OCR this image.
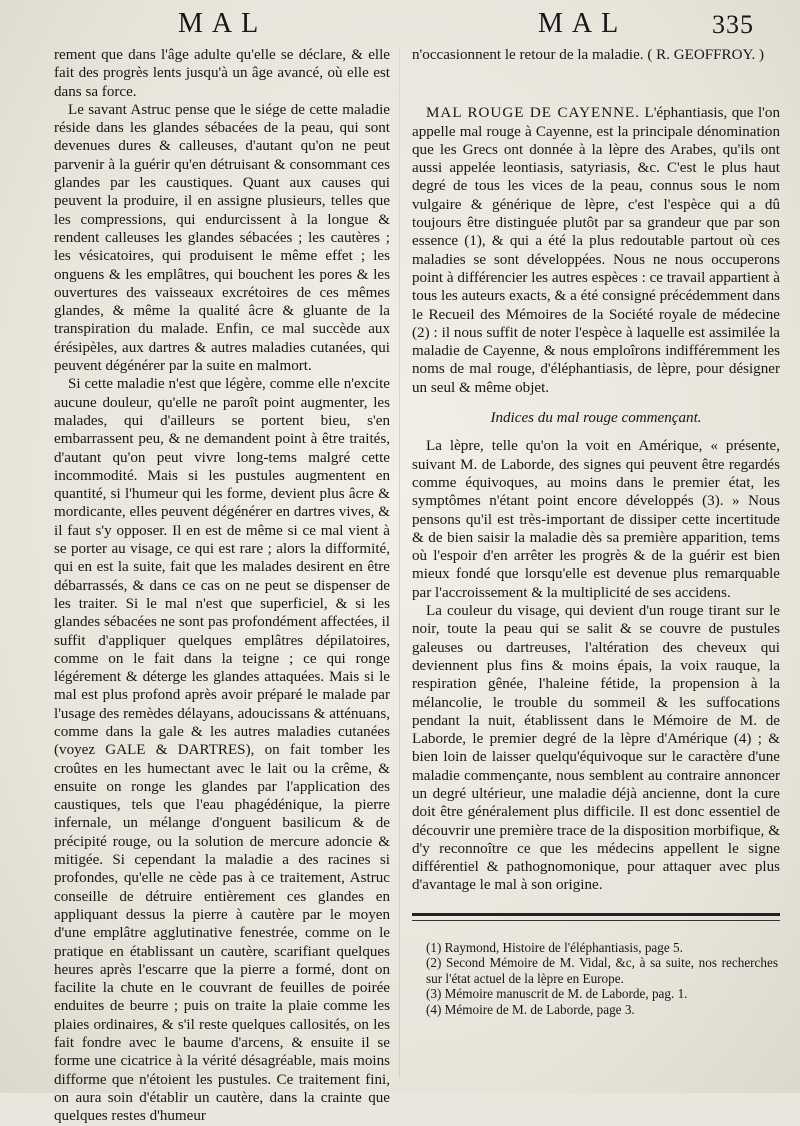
MAL	MAL	335

rement que dans l'âge adulte qu'elle se déclare, & elle fait des progrès lents jusqu'à un âge avancé, où elle est dans sa force.

Le savant Astruc pense que le siége de cette maladie réside dans les glandes sébacées de la peau, qui sont devenues dures & calleuses, d'autant qu'on ne peut parvenir à la guérir qu'en détruisant & consommant ces glandes par les caustiques. Quant aux causes qui peuvent la produire, il en assigne plusieurs, telles que les compressions, qui endurcissent à la longue & rendent calleuses les glandes sébacées ; les cautères ; les vésicatoires, qui produisent le même effet ; les onguens & les emplâtres, qui bouchent les pores & les ouvertures des vaisseaux excrétoires de ces mêmes glandes, & même la qualité âcre & gluante de la transpiration du malade. Enfin, ce mal succède aux érésipèles, aux dartres & autres maladies cutanées, qui peuvent dégénérer par la suite en malmort.

Si cette maladie n'est que légère, comme elle n'excite aucune douleur, qu'elle ne paroît point augmenter, les malades, qui d'ailleurs se portent bieu, s'en embarrassent peu, & ne demandent point à être traités, d'autant qu'on peut vivre long-tems malgré cette incommodité. Mais si les pustules augmentent en quantité, si l'humeur qui les forme, devient plus âcre & mordicante, elles peuvent dégénérer en dartres vives, & il faut s'y opposer. Il en est de même si ce mal vient à se porter au visage, ce qui est rare ; alors la difformité, qui en est la suite, fait que les malades desirent en être débarrassés, & dans ce cas on ne peut se dispenser de les traiter. Si le mal n'est que superficiel, & si les glandes sébacées ne sont pas profondément affectées, il suffit d'appliquer quelques emplâtres dépilatoires, comme on le fait dans la teigne ; ce qui ronge légérement & déterge les glandes attaquées. Mais si le mal est plus profond après avoir préparé le malade par l'usage des remèdes délayans, adoucissans & atténuans, comme dans la gale & les autres maladies cutanées (voyez GALE & DARTRES), on fait tomber les croûtes en les humectant avec le lait ou la crême, & ensuite on ronge les glandes par l'application des caustiques, tels que l'eau phagédénique, la pierre infernale, un mélange d'onguent basilicum & de précipité rouge, ou la solution de mercure adoncie & mitigée. Si cependant la maladie a des racines si profondes, qu'elle ne cède pas à ce traitement, Astruc conseille de détruire entièrement ces glandes en appliquant dessus la pierre à cautère par le moyen d'une emplâtre agglutinative fenestrée, comme on le pratique en établissant un cautère, scarifiant quelques heures après l'escarre que la pierre a formé, dont on facilite la chute en le couvrant de feuilles de poirée enduites de beurre ; puis on traite la plaie comme les plaies ordinaires, & s'il reste quelques callosités, on les fait fondre avec le baume d'arcens, & ensuite il se forme une cicatrice à la vérité désagréable, mais moins difforme que n'étoient les pustules. Ce traitement fini, on aura soin d'établir un cautère, dans la crainte que quelques restes d'humeur

n'occasionnent le retour de la maladie. ( R. GEOFFROY. )

MAL ROUGE DE CAYENNE. L'éphantiasis, que l'on appelle mal rouge à Cayenne, est la principale dénomination que les Grecs ont donnée à la lèpre des Arabes, qu'ils ont aussi appelée leontiasis, satyriasis, &c. C'est le plus haut degré de tous les vices de la peau, connus sous le nom vulgaire & générique de lèpre, c'est l'espèce qui a dû toujours être distinguée plutôt par sa grandeur que par son essence (1), & qui a été la plus redoutable partout où ces maladies se sont développées. Nous ne nous occuperons point à différencier les autres espèces : ce travail appartient à tous les auteurs exacts, & a été consigné précédemment dans le Recueil des Mémoires de la Société royale de médecine (2) : il nous suffit de noter l'espèce à laquelle est assimilée la maladie de Cayenne, & nous emploîrons indifféremment les noms de mal rouge, d'éléphantiasis, de lèpre, pour désigner un seul & même objet.

Indices du mal rouge commençant.

La lèpre, telle qu'on la voit en Amérique, « présente, suivant M. de Laborde, des signes qui peuvent être regardés comme équivoques, au moins dans le premier état, les symptômes n'étant point encore développés (3). » Nous pensons qu'il est très-important de dissiper cette incertitude & de bien saisir la maladie dès sa première apparition, tems où l'espoir d'en arrêter les progrès & de la guérir est bien mieux fondé que lorsqu'elle est devenue plus remarquable par l'accroissement & la multiplicité de ses accidens.

La couleur du visage, qui devient d'un rouge tirant sur le noir, toute la peau qui se salit & se couvre de pustules galeuses ou dartreuses, l'altération des cheveux qui deviennent plus fins & moins épais, la voix rauque, la respiration gênée, l'haleine fétide, la propension à la mélancolie, le trouble du sommeil & les suffocations pendant la nuit, établissent dans le Mémoire de M. de Laborde, le premier degré de la lèpre d'Amérique (4) ; & bien loin de laisser quelqu'équivoque sur le caractère d'une maladie commençante, nous semblent au contraire annoncer un degré ultérieur, une maladie déjà ancienne, dont la cure doit être généralement plus difficile. Il est donc essentiel de découvrir une première trace de la disposition morbifique, & d'y reconnoître ce que les médecins appellent le signe différentiel & pathognomonique, pour attaquer avec plus d'avantage le mal à son origine.

(1) Raymond, Histoire de l'éléphantiasis, page 5.

(2) Second Mémoire de M. Vidal, &c, à sa suite, nos recherches sur l'état actuel de la lèpre en Europe.

(3) Mémoire manuscrit de M. de Laborde, pag. 1.

(4) Mémoire de M. de Laborde, page 3.
